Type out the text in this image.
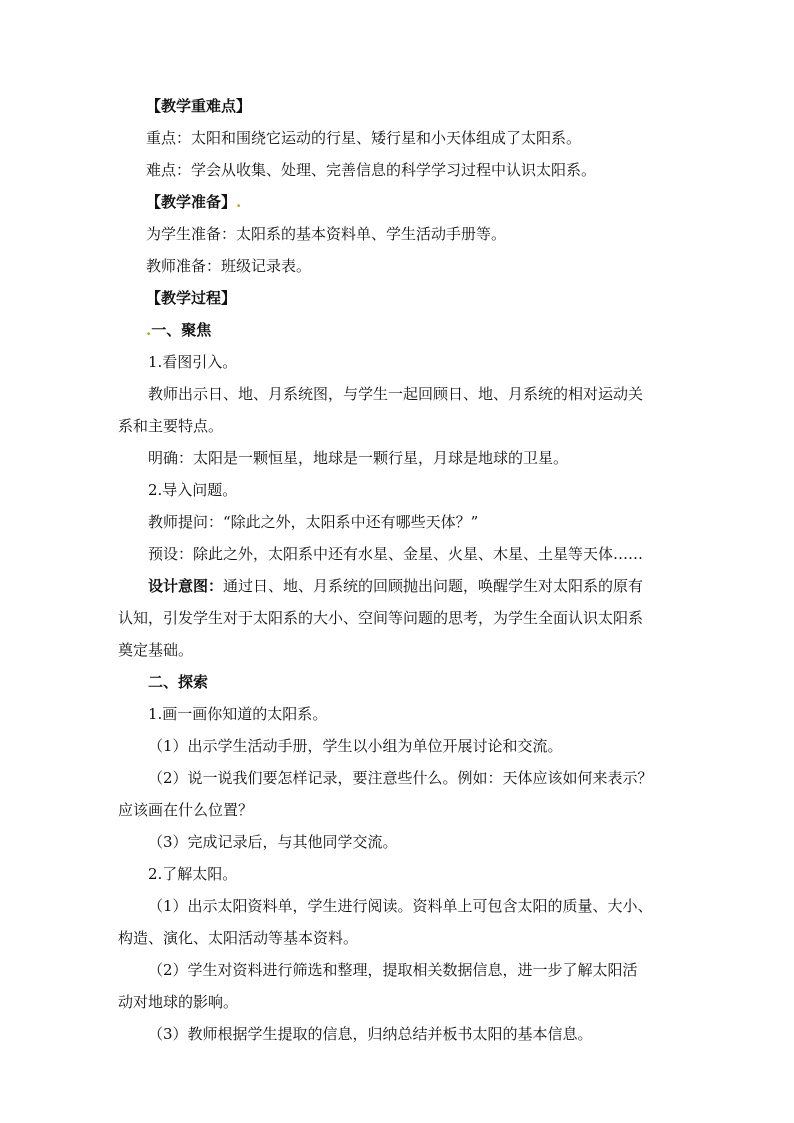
【教学重难点】
重点：太阳和围绕它运动的行星、矮行星和小天体组成了太阳系。
难点：学会从收集、处理、完善信息的科学学习过程中认识太阳系。
【教学准备】.
为学生准备：太阳系的基本资料单、学生活动手册等。
教师准备：班级记录表。
【教学过程】
.一、聚焦
1.看图引入。
教师出示日、地、月系统图，与学生一起回顾日、地、月系统的相对运动关
系和主要特点。
明确：太阳是一颗恒星，地球是一颗行星，月球是地球的卫星。
2.导入问题。
教师提问：“除此之外，太阳系中还有哪些天体？”
预设：除此之外，太阳系中还有水星、金星、火星、木星、土星等天体……
设计意图：通过日、地、月系统的回顾抛出问题，唤醒学生对太阳系的原有
认知，引发学生对于太阳系的大小、空间等问题的思考，为学生全面认识太阳系
奠定基础。
二、探索
1.画一画你知道的太阳系。
（1）出示学生活动手册，学生以小组为单位开展讨论和交流。
（2）说一说我们要怎样记录，要注意些什么。例如：天体应该如何来表示？
应该画在什么位置？
（3）完成记录后，与其他同学交流。
2.了解太阳。
（1）出示太阳资料单，学生进行阅读。资料单上可包含太阳的质量、大小、
构造、演化、太阳活动等基本资料。
（2）学生对资料进行筛选和整理，提取相关数据信息，进一步了解太阳活
动对地球的影响。
（3）教师根据学生提取的信息，归纳总结并板书太阳的基本信息。
